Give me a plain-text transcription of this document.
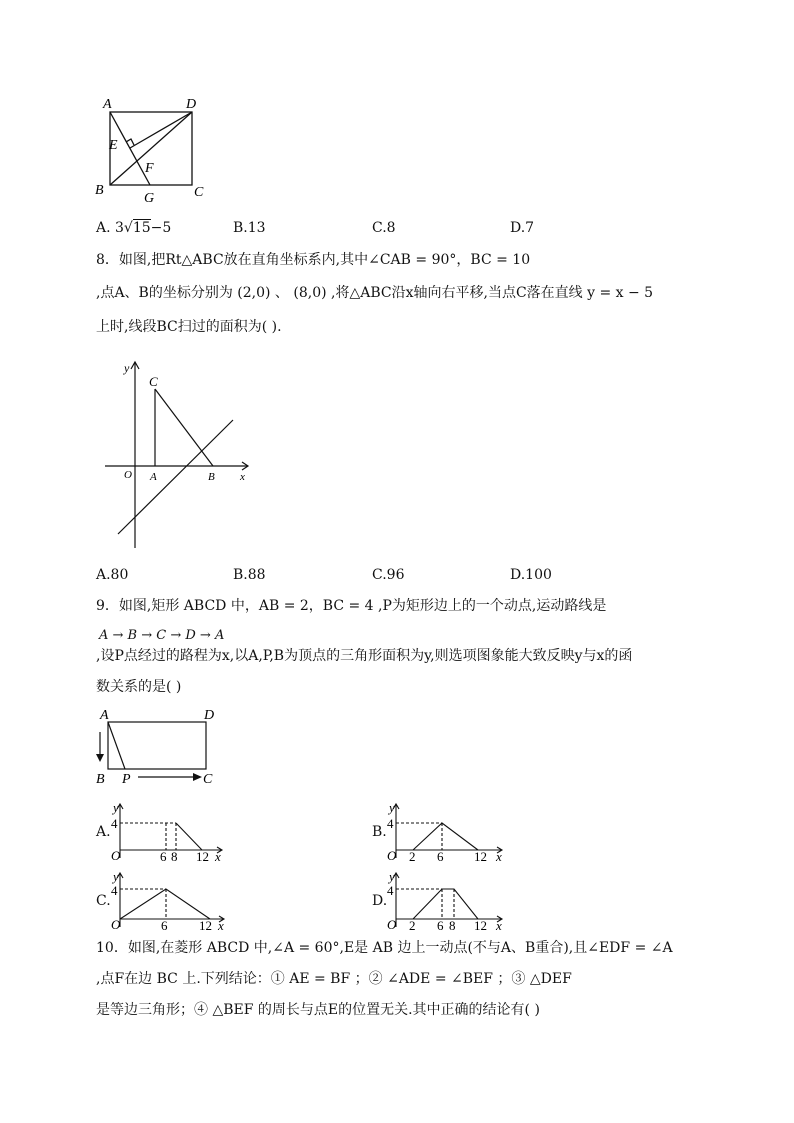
A	D
E
F
B
G	C
A. 3√15−5	B.13	C.8	D.7
8．如图,把Rt△ABC放在直角坐标系内,其中∠CAB = 90°，BC = 10
,点A、B的坐标分别为 (2,0) 、 (8,0) ,将△ABC沿x轴向右平移,当点C落在直线 y = x − 5
上时,线段BC扫过的面积为( ).
y
C
O A	B x
A.80	B.88	C.96	D.100
9．如图,矩形 ABCD 中，AB = 2，BC = 4 ,P为矩形边上的一个动点,运动路线是
A → B → C → D → A
,设P点经过的路程为x,以A,P,B为顶点的三角形面积为y,则选项图象能大致反映y与x的函
数关系的是( )
A	D
B P	C
A.
y
4
O	6 8 12 x
B.
y
4
O 2 6 12 x
C.
y
4
O	6 12 x
D.
y
4
O 2 6 8 12 x
10．如图,在菱形 ABCD 中,∠A = 60°,E是 AB 边上一动点(不与A、B重合),且∠EDF = ∠A
,点F在边 BC 上.下列结论：① AE = BF ；② ∠ADE = ∠BEF ；③ △DEF
是等边三角形；④ △BEF 的周长与点E的位置无关.其中正确的结论有( )
